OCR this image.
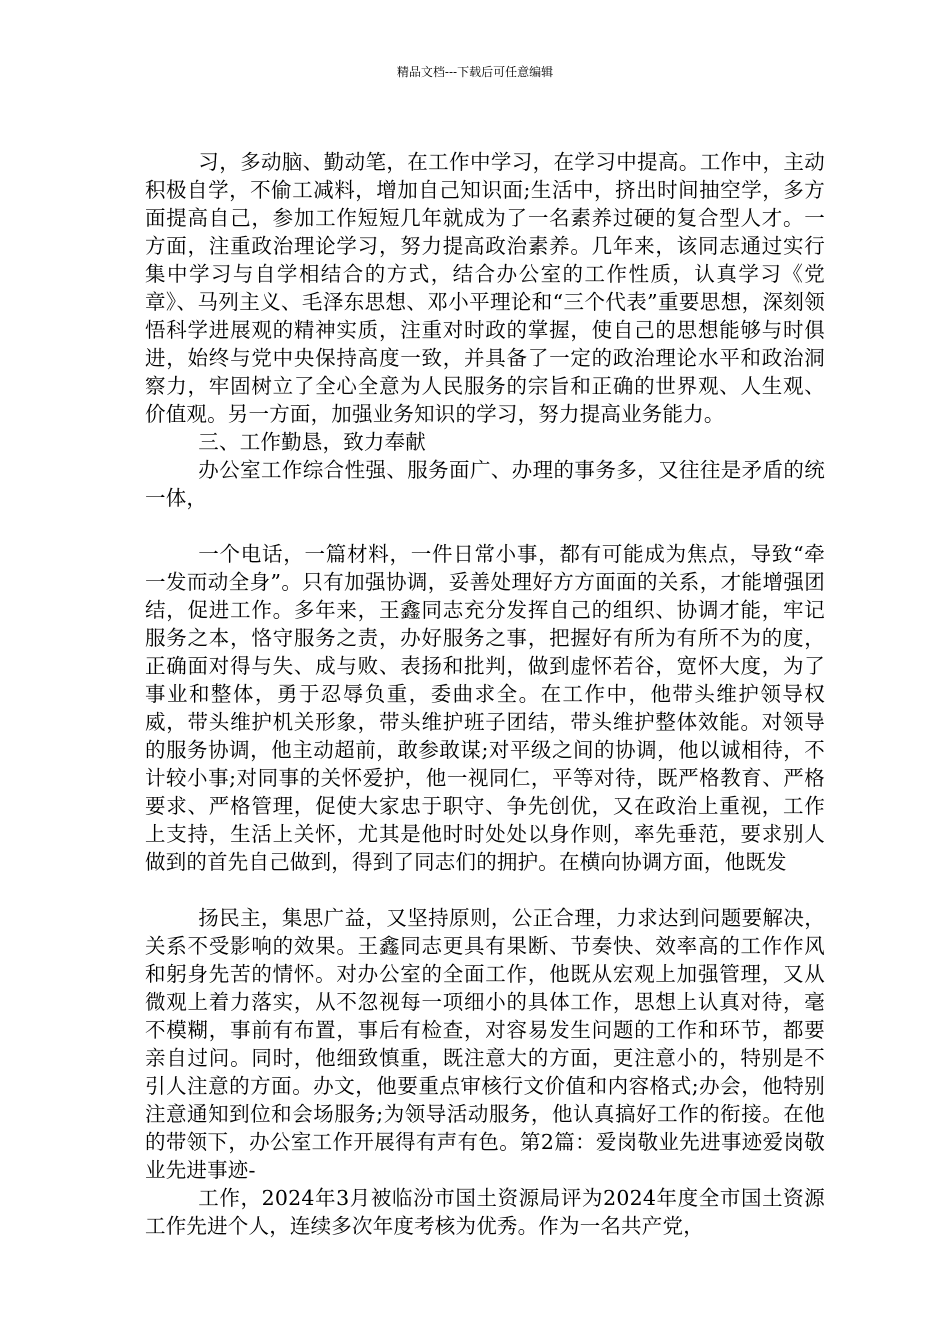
精品文档---下载后可任意编辑

习，多动脑、勤动笔，在工作中学习，在学习中提高。工作中，主动积极自学，不偷工减料，增加自己知识面;生活中，挤出时间抽空学，多方面提高自己，参加工作短短几年就成为了一名素养过硬的复合型人才。一方面，注重政治理论学习，努力提高政治素养。几年来，该同志通过实行集中学习与自学相结合的方式，结合办公室的工作性质，认真学习《党章》、马列主义、毛泽东思想、邓小平理论和“三个代表”重要思想，深刻领悟科学进展观的精神实质，注重对时政的掌握，使自己的思想能够与时俱进，始终与党中央保持高度一致，并具备了一定的政治理论水平和政治洞察力，牢固树立了全心全意为人民服务的宗旨和正确的世界观、人生观、价值观。另一方面，加强业务知识的学习，努力提高业务能力。

三、工作勤恳，致力奉献

办公室工作综合性强、服务面广、办理的事务多，又往往是矛盾的统一体，

一个电话，一篇材料，一件日常小事，都有可能成为焦点，导致“牵一发而动全身”。只有加强协调，妥善处理好方方面面的关系，才能增强团结，促进工作。多年来，王鑫同志充分发挥自己的组织、协调才能，牢记服务之本，恪守服务之责，办好服务之事，把握好有所为有所不为的度，正确面对得与失、成与败、表扬和批判，做到虚怀若谷，宽怀大度，为了事业和整体，勇于忍辱负重，委曲求全。在工作中，他带头维护领导权威，带头维护机关形象，带头维护班子团结，带头维护整体效能。对领导的服务协调，他主动超前，敢参敢谋;对平级之间的协调，他以诚相待，不计较小事;对同事的关怀爱护，他一视同仁，平等对待，既严格教育、严格要求、严格管理，促使大家忠于职守、争先创优，又在政治上重视，工作上支持，生活上关怀，尤其是他时时处处以身作则，率先垂范，要求别人做到的首先自己做到，得到了同志们的拥护。在横向协调方面，他既发

扬民主，集思广益，又坚持原则，公正合理，力求达到问题要解决，关系不受影响的效果。王鑫同志更具有果断、节奏快、效率高的工作作风和躬身先苦的情怀。对办公室的全面工作，他既从宏观上加强管理，又从微观上着力落实，从不忽视每一项细小的具体工作，思想上认真对待，毫不模糊，事前有布置，事后有检查，对容易发生问题的工作和环节，都要亲自过问。同时，他细致慎重，既注意大的方面，更注意小的，特别是不引人注意的方面。办文，他要重点审核行文价值和内容格式;办会，他特别注意通知到位和会场服务;为领导活动服务，他认真搞好工作的衔接。在他的带领下，办公室工作开展得有声有色。第2篇：爱岗敬业先进事迹爱岗敬业先进事迹-

工作，2024年3月被临汾市国土资源局评为2024年度全市国土资源工作先进个人，连续多次年度考核为优秀。作为一名共产党，
